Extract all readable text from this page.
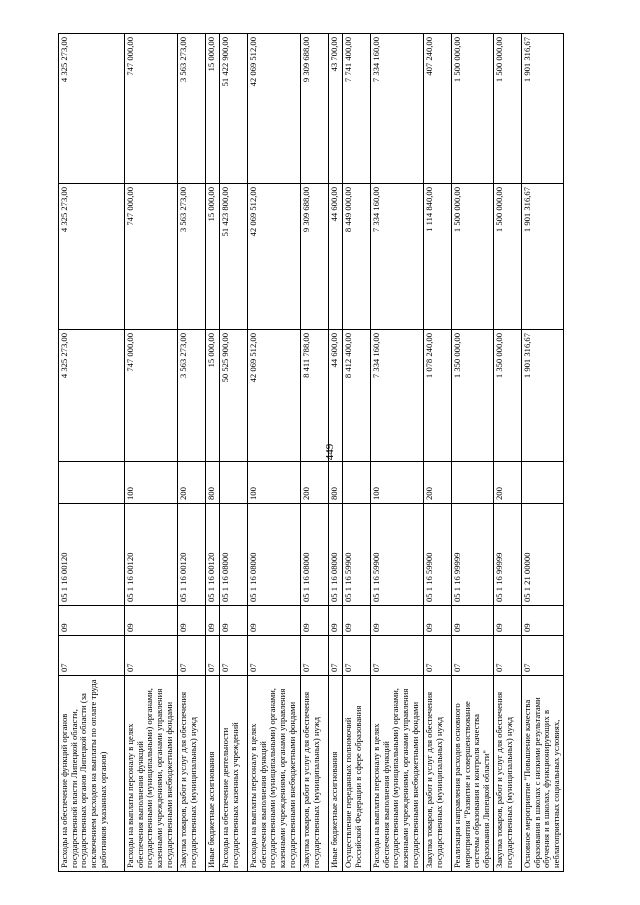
449
Расходы на обеспечение функций органов государственной власти Липецкой области, государственных органов Липецкой области (за исключением расходов на выплаты по оплате труда работников указанных органов)	07	09	05 1 16 00120		4 325 273,00	4 325 273,00	4 325 273,00
Расходы на выплаты персоналу в целях обеспечения выполнения функций государственными (муниципальными) органами, казенными учреждениями, органами управления государственными внебюджетными фондами	07	09	05 1 16 00120	100	747 000,00	747 000,00	747 000,00
Закупка товаров, работ и услуг для обеспечения государственных (муниципальных) нужд	07	09	05 1 16 00120	200	3 563 273,00	3 563 273,00	3 563 273,00
Иные бюджетные ассигнования	07	09	05 1 16 00120	800	15 000,00	15 000,00	15 000,00
Расходы на обеспечение деятельности государственных казенных учреждений	07	09	05 1 16 08000		50 525 900,00	51 423 800,00	51 422 900,00
Расходы на выплаты персоналу в целях обеспечения выполнения функций государственными (муниципальными) органами, казенными учреждениями, органами управления государственными внебюджетными фондами	07	09	05 1 16 08000	100	42 069 512,00	42 069 512,00	42 069 512,00
Закупка товаров, работ и услуг для обеспечения государственных (муниципальных) нужд	07	09	05 1 16 08000	200	8 411 788,00	9 309 688,00	9 309 688,00
Иные бюджетные ассигнования	07	09	05 1 16 08000	800	44 600,00	44 600,00	43 700,00
Осуществление переданных полномочий Российской Федерации в сфере образования	07	09	05 1 16 59900		8 412 400,00	8 449 000,00	7 741 400,00
Расходы на выплаты персоналу в целях обеспечения выполнения функций государственными (муниципальными) органами, казенными учреждениями, органами управления государственными внебюджетными фондами	07	09	05 1 16 59900	100	7 334 160,00	7 334 160,00	7 334 160,00
Закупка товаров, работ и услуг для обеспечения государственных (муниципальных) нужд	07	09	05 1 16 59900	200	1 078 240,00	1 114 840,00	407 240,00
Реализация направления расходов основного мероприятия "Развитие и совершенствование системы образования и контроля качества образования Липецкой области"	07	09	05 1 16 99999		1 350 000,00	1 500 000,00	1 500 000,00
Закупка товаров, работ и услуг для обеспечения государственных (муниципальных) нужд	07	09	05 1 16 99999	200	1 350 000,00	1 500 000,00	1 500 000,00
Основное мероприятие "Повышение качества образования в школах с низкими результатами обучения и в школах, функционирующих в неблагоприятных социальных условиях,	07	09	05 1 21 00000		1 901 316,67	1 901 316,67	1 901 316,67
